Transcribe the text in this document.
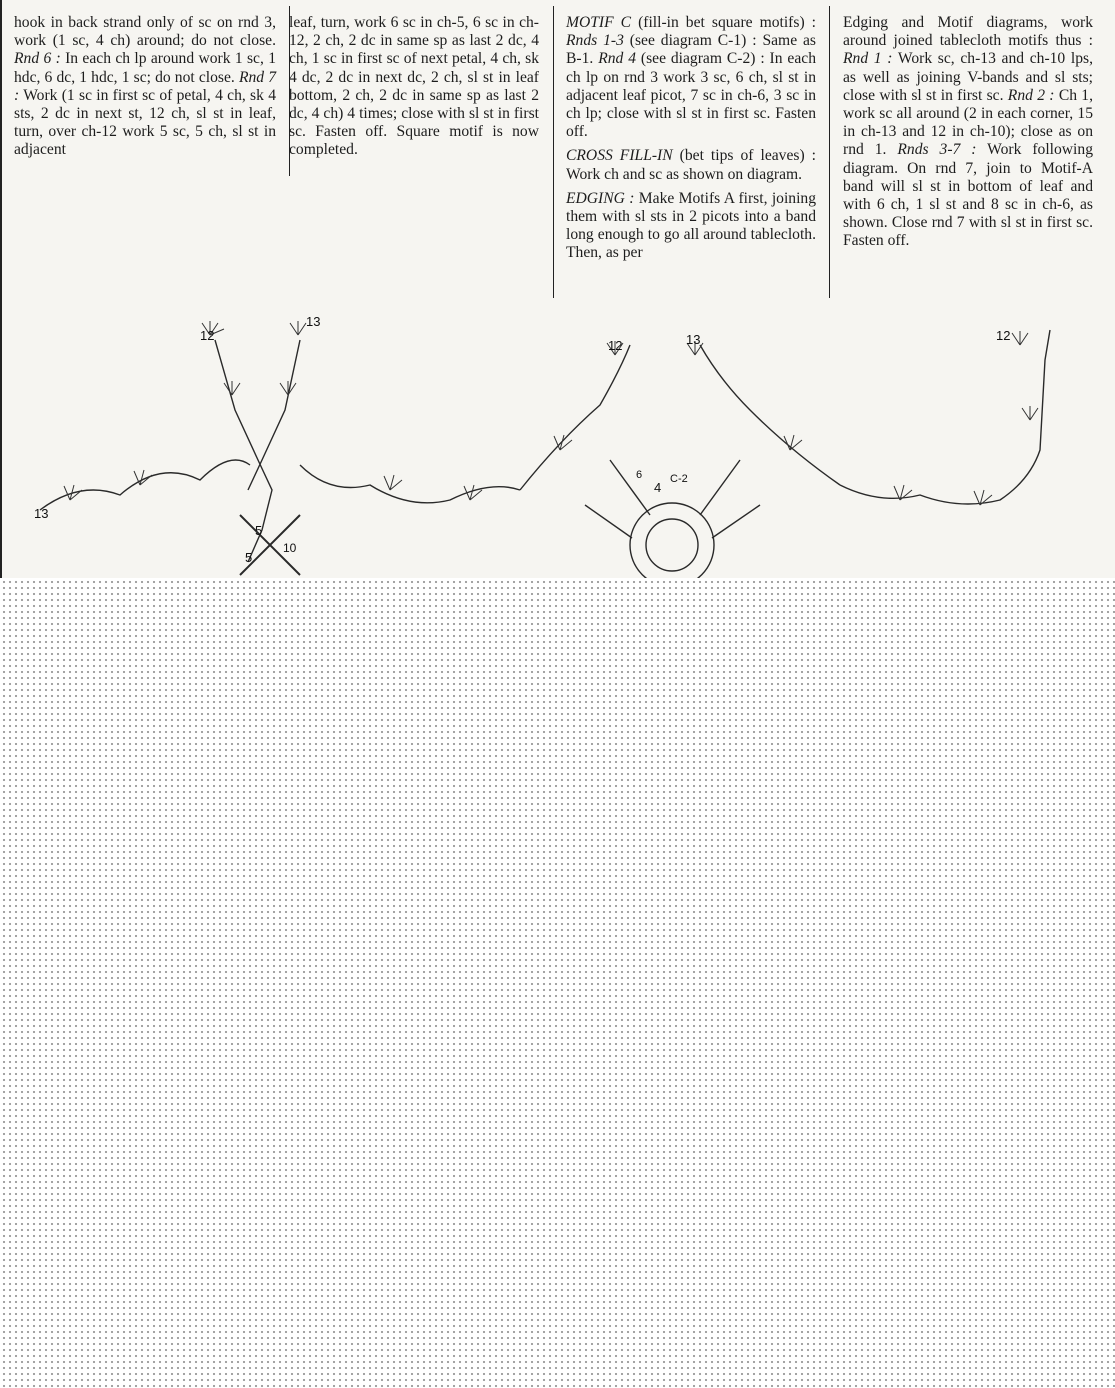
hook in back strand only of sc on rnd 3, work (1 sc, 4 ch) around; do not close. Rnd 6 : In each ch lp around work 1 sc, 1 hdc, 6 dc, 1 hdc, 1 sc; do not close. Rnd 7 : Work (1 sc in first sc of petal, 4 ch, sk 4 sts, 2 dc in next st, 12 ch, sl st in leaf, turn, over ch-12 work 5 sc, 5 ch, sl st in adjacent

leaf, turn, work 6 sc in ch-5, 6 sc in ch-12, 2 ch, 2 dc in same sp as last 2 dc, 4 ch, 1 sc in first sc of next petal, 4 ch, sk 4 dc, 2 dc in next dc, 2 ch, sl st in leaf bottom, 2 ch, 2 dc in same sp as last 2 dc, 4 ch) 4 times; close with sl st in first sc. Fasten off. Square motif is now completed.

MOTIF C (fill-in bet square motifs) : Rnds 1-3 (see diagram C-1) : Same as B-1. Rnd 4 (see diagram C-2) : In each ch lp on rnd 3 work 3 sc, 6 ch, sl st in adjacent leaf picot, 7 sc in ch-6, 3 sc in ch lp; close with sl st in first sc. Fasten off.

CROSS FILL-IN (bet tips of leaves) : Work ch and sc as shown on diagram.

EDGING : Make Motifs A first, joining them with sl sts in 2 picots into a band long enough to go all around tablecloth. Then, as per

Edging and Motif diagrams, work around joined tablecloth motifs thus : Rnd 1 : Work sc, ch-13 and ch-10 lps, as well as joining V-bands and sl sts; close with sl st in first sc. Rnd 2 : Ch 1, work sc all around (2 in each corner, 15 in ch-13 and 12 in ch-10); close as on rnd 1. Rnds 3-7 : Work following diagram. On rnd 7, join to Motif-A band will sl st in bottom of leaf and with 6 ch, 1 sl st and 8 sc in ch-6, as shown. Close rnd 7 with sl st in first sc. Fasten off.

12
13
12	13	12
13
4
C-2
6
5
5
10
